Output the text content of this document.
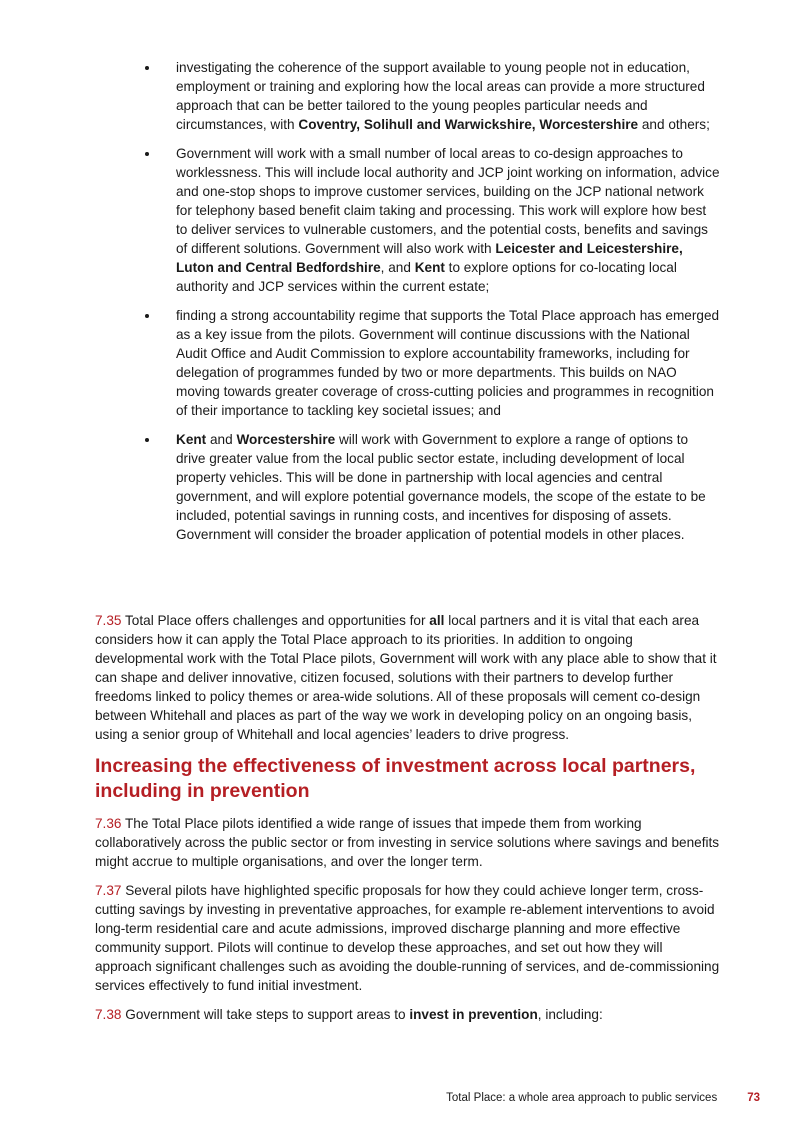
investigating the coherence of the support available to young people not in education, employment or training and exploring how the local areas can provide a more structured approach that can be better tailored to the young peoples particular needs and circumstances, with Coventry, Solihull and Warwickshire, Worcestershire and others;
Government will work with a small number of local areas to co-design approaches to worklessness. This will include local authority and JCP joint working on information, advice and one-stop shops to improve customer services, building on the JCP national network for telephony based benefit claim taking and processing. This work will explore how best to deliver services to vulnerable customers, and the potential costs, benefits and savings of different solutions. Government will also work with Leicester and Leicestershire, Luton and Central Bedfordshire, and Kent to explore options for co-locating local authority and JCP services within the current estate;
finding a strong accountability regime that supports the Total Place approach has emerged as a key issue from the pilots. Government will continue discussions with the National Audit Office and Audit Commission to explore accountability frameworks, including for delegation of programmes funded by two or more departments. This builds on NAO moving towards greater coverage of cross-cutting policies and programmes in recognition of their importance to tackling key societal issues; and
Kent and Worcestershire will work with Government to explore a range of options to drive greater value from the local public sector estate, including development of local property vehicles. This will be done in partnership with local agencies and central government, and will explore potential governance models, the scope of the estate to be included, potential savings in running costs, and incentives for disposing of assets. Government will consider the broader application of potential models in other places.

7.35 Total Place offers challenges and opportunities for all local partners and it is vital that each area considers how it can apply the Total Place approach to its priorities. In addition to ongoing developmental work with the Total Place pilots, Government will work with any place able to show that it can shape and deliver innovative, citizen focused, solutions with their partners to develop further freedoms linked to policy themes or area-wide solutions. All of these proposals will cement co-design between Whitehall and places as part of the way we work in developing policy on an ongoing basis, using a senior group of Whitehall and local agencies’ leaders to drive progress.

Increasing the effectiveness of investment across local partners, including in prevention

7.36 The Total Place pilots identified a wide range of issues that impede them from working collaboratively across the public sector or from investing in service solutions where savings and benefits might accrue to multiple organisations, and over the longer term.

7.37 Several pilots have highlighted specific proposals for how they could achieve longer term, cross-cutting savings by investing in preventative approaches, for example re-ablement interventions to avoid long-term residential care and acute admissions, improved discharge planning and more effective community support. Pilots will continue to develop these approaches, and set out how they will approach significant challenges such as avoiding the double-running of services, and de-commissioning services effectively to fund initial investment.

7.38 Government will take steps to support areas to invest in prevention, including:

Total Place: a whole area approach to public services	73
